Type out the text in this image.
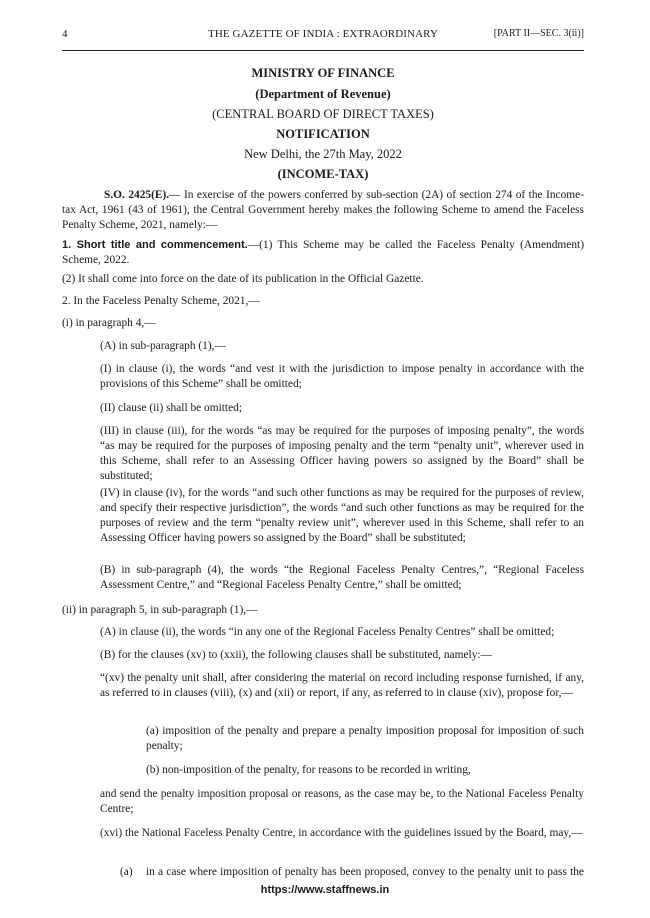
4	THE GAZETTE OF INDIA : EXTRAORDINARY	[PART II—SEC. 3(ii)]
MINISTRY OF FINANCE
(Department of Revenue)
(CENTRAL BOARD OF DIRECT TAXES)
NOTIFICATION
New Delhi, the 27th May, 2022
(INCOME-TAX)
S.O. 2425(E).— In exercise of the powers conferred by sub-section (2A) of section 274 of the Income-tax Act, 1961 (43 of 1961), the Central Government hereby makes the following Scheme to amend the Faceless Penalty Scheme, 2021, namely:—
1. Short title and commencement.—(1) This Scheme may be called the Faceless Penalty (Amendment) Scheme, 2022.
(2) It shall come into force on the date of its publication in the Official Gazette.
2. In the Faceless Penalty Scheme, 2021,—
(i) in paragraph 4,—
(A) in sub-paragraph (1),—
(I) in clause (i), the words “and vest it with the jurisdiction to impose penalty in accordance with the provisions of this Scheme” shall be omitted;
(II) clause (ii) shall be omitted;
(III) in clause (iii), for the words “as may be required for the purposes of imposing penalty”, the words “as may be required for the purposes of imposing penalty and the term “penalty unit”, wherever used in this Scheme, shall refer to an Assessing Officer having powers so assigned by the Board” shall be substituted;
(IV) in clause (iv), for the words “and such other functions as may be required for the purposes of review, and specify their respective jurisdiction”, the words “and such other functions as may be required for the purposes of review and the term “penalty review unit”, wherever used in this Scheme, shall refer to an Assessing Officer having powers so assigned by the Board” shall be substituted;
(B) in sub-paragraph (4), the words “the Regional Faceless Penalty Centres,”, “Regional Faceless Assessment Centre,” and “Regional Faceless Penalty Centre,” shall be omitted;
(ii) in paragraph 5, in sub-paragraph (1),—
(A) in clause (ii), the words “in any one of the Regional Faceless Penalty Centres” shall be omitted;
(B) for the clauses (xv) to (xxii), the following clauses shall be substituted, namely:—
“(xv) the penalty unit shall, after considering the material on record including response furnished, if any, as referred to in clauses (viii), (x) and (xii) or report, if any, as referred to in clause (xiv), propose for,—
(a) imposition of the penalty and prepare a penalty imposition proposal for imposition of such penalty;
(b) non-imposition of the penalty, for reasons to be recorded in writing,
and send the penalty imposition proposal or reasons, as the case may be, to the National Faceless Penalty Centre;
(xvi) the National Faceless Penalty Centre, in accordance with the guidelines issued by the Board, may,—
(a)	in a case where imposition of penalty has been proposed, convey to the penalty unit to pass the
https://www.staffnews.in
